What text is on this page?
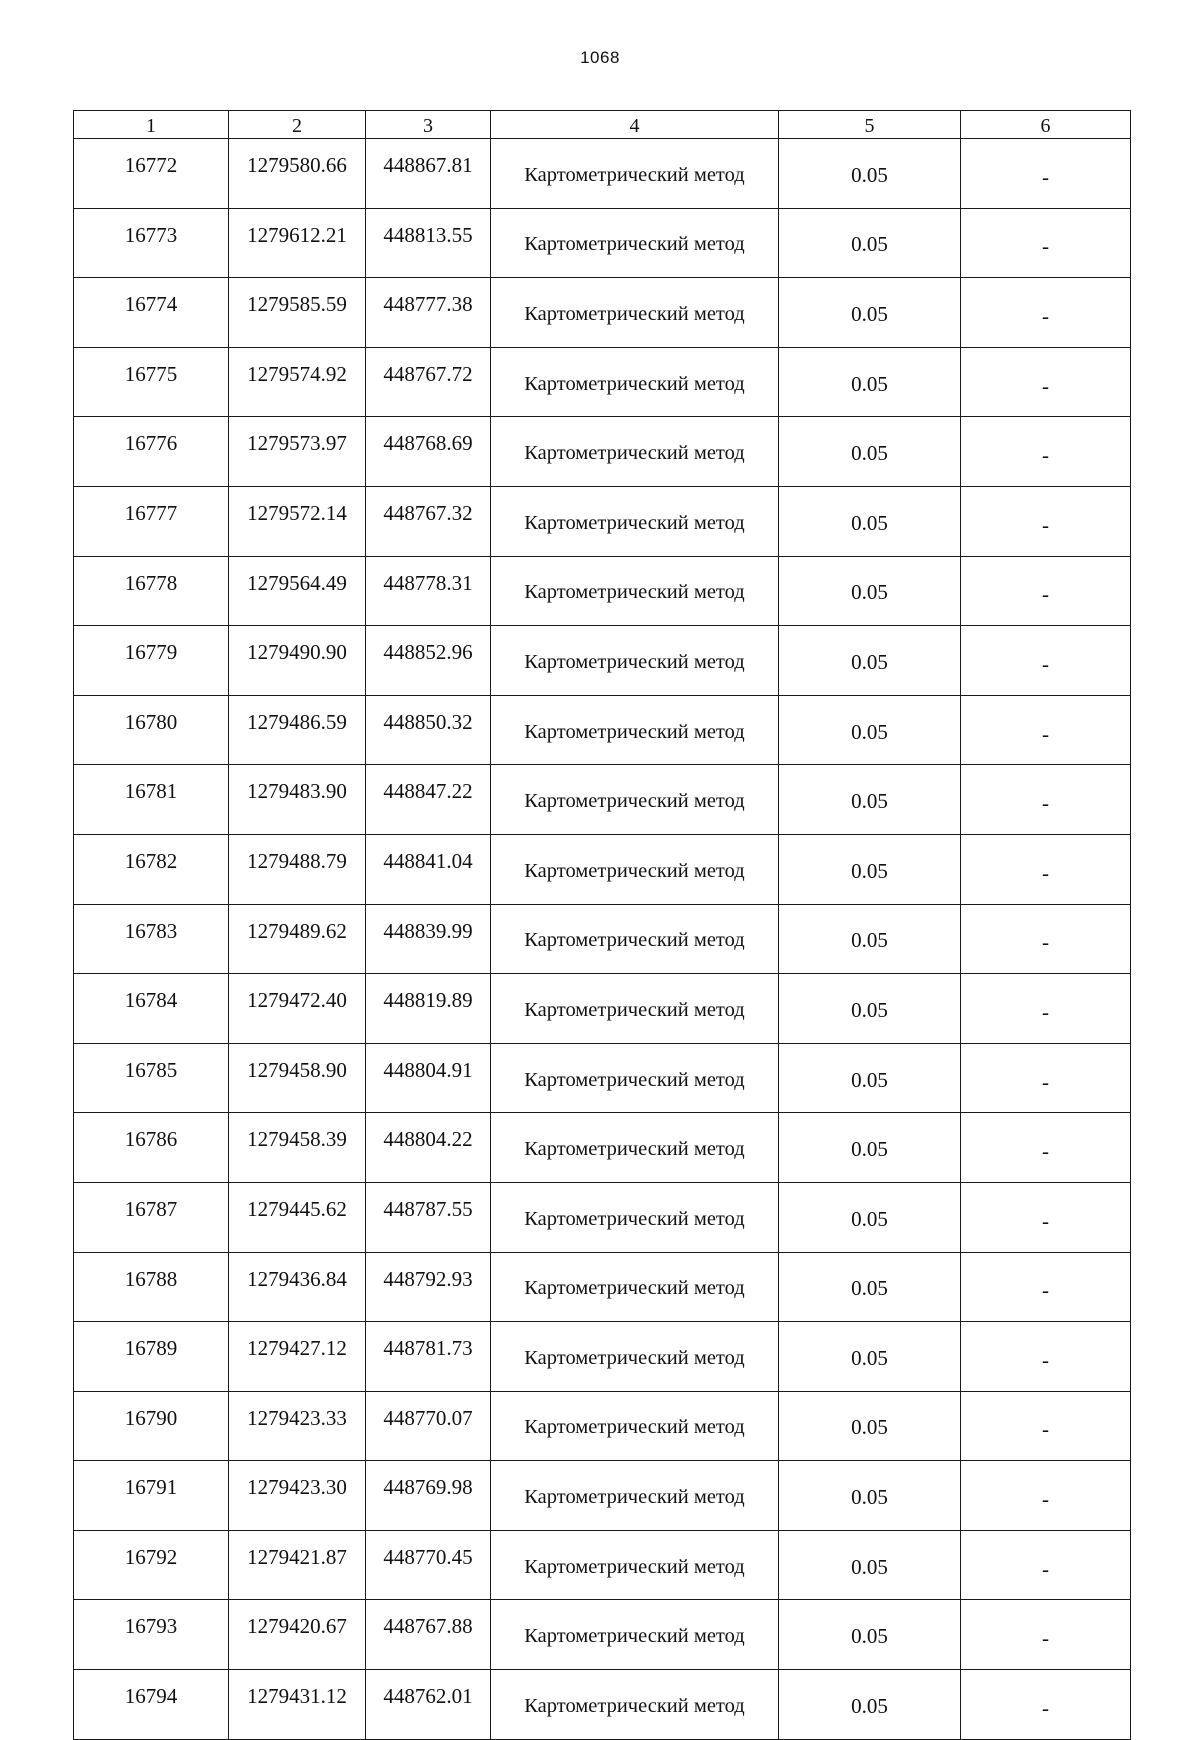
1068
1	2	3	4	5	6
16772	1279580.66	448867.81	Картометрический метод	0.05	-
16773	1279612.21	448813.55	Картометрический метод	0.05	-
16774	1279585.59	448777.38	Картометрический метод	0.05	-
16775	1279574.92	448767.72	Картометрический метод	0.05	-
16776	1279573.97	448768.69	Картометрический метод	0.05	-
16777	1279572.14	448767.32	Картометрический метод	0.05	-
16778	1279564.49	448778.31	Картометрический метод	0.05	-
16779	1279490.90	448852.96	Картометрический метод	0.05	-
16780	1279486.59	448850.32	Картометрический метод	0.05	-
16781	1279483.90	448847.22	Картометрический метод	0.05	-
16782	1279488.79	448841.04	Картометрический метод	0.05	-
16783	1279489.62	448839.99	Картометрический метод	0.05	-
16784	1279472.40	448819.89	Картометрический метод	0.05	-
16785	1279458.90	448804.91	Картометрический метод	0.05	-
16786	1279458.39	448804.22	Картометрический метод	0.05	-
16787	1279445.62	448787.55	Картометрический метод	0.05	-
16788	1279436.84	448792.93	Картометрический метод	0.05	-
16789	1279427.12	448781.73	Картометрический метод	0.05	-
16790	1279423.33	448770.07	Картометрический метод	0.05	-
16791	1279423.30	448769.98	Картометрический метод	0.05	-
16792	1279421.87	448770.45	Картометрический метод	0.05	-
16793	1279420.67	448767.88	Картометрический метод	0.05	-
16794	1279431.12	448762.01	Картометрический метод	0.05	-
